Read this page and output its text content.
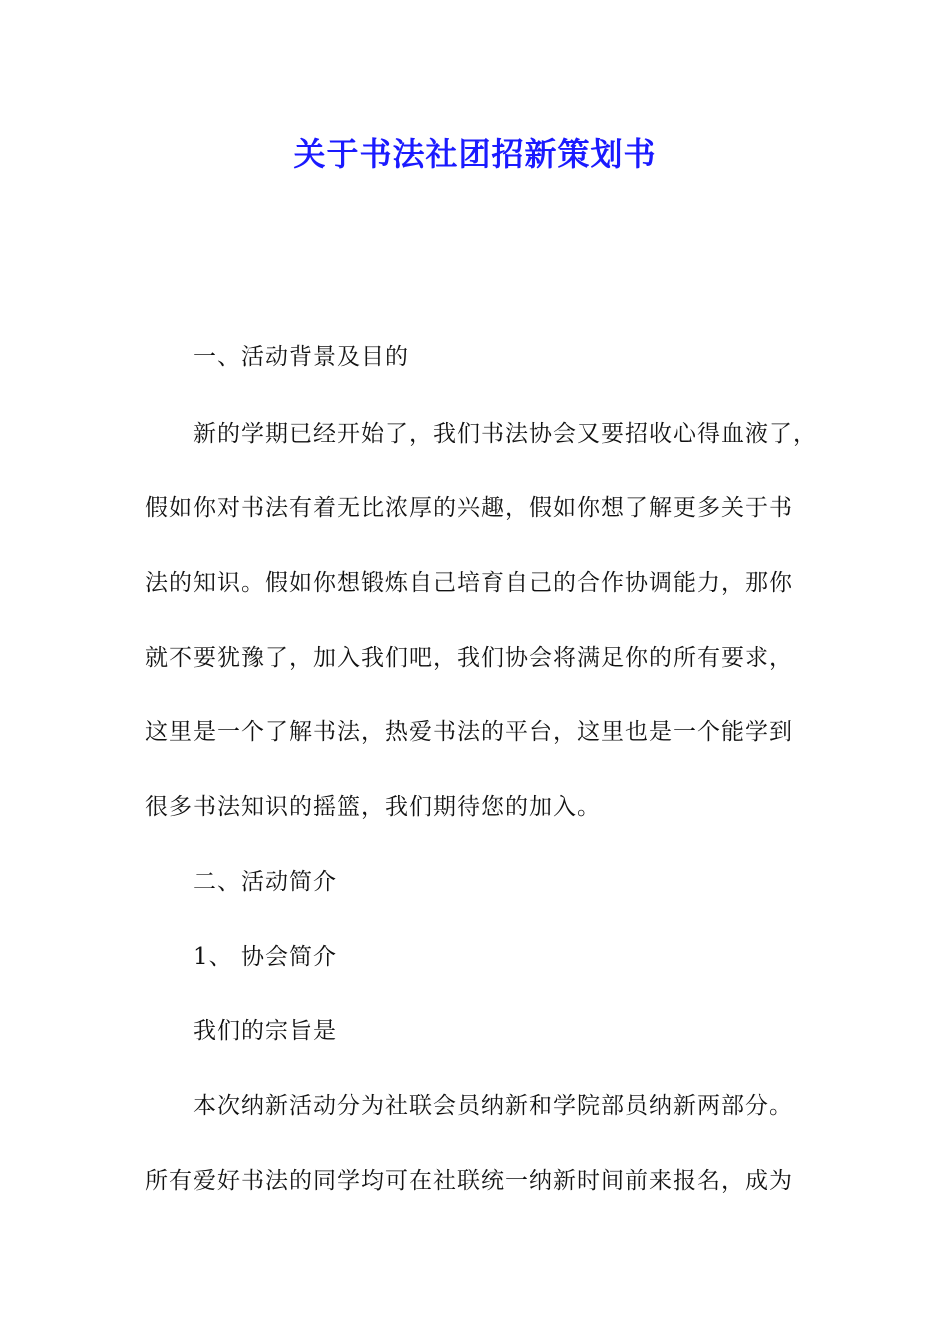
关于书法社团招新策划书

一、活动背景及目的

新的学期已经开始了，我们书法协会又要招收心得血液了，

假如你对书法有着无比浓厚的兴趣，假如你想了解更多关于书

法的知识。假如你想锻炼自己培育自己的合作协调能力，那你

就不要犹豫了，加入我们吧，我们协会将满足你的所有要求，

这里是一个了解书法，热爱书法的平台，这里也是一个能学到

很多书法知识的摇篮，我们期待您的加入。

二、活动简介

1、 协会简介

我们的宗旨是

本次纳新活动分为社联会员纳新和学院部员纳新两部分。

所有爱好书法的同学均可在社联统一纳新时间前来报名，成为
